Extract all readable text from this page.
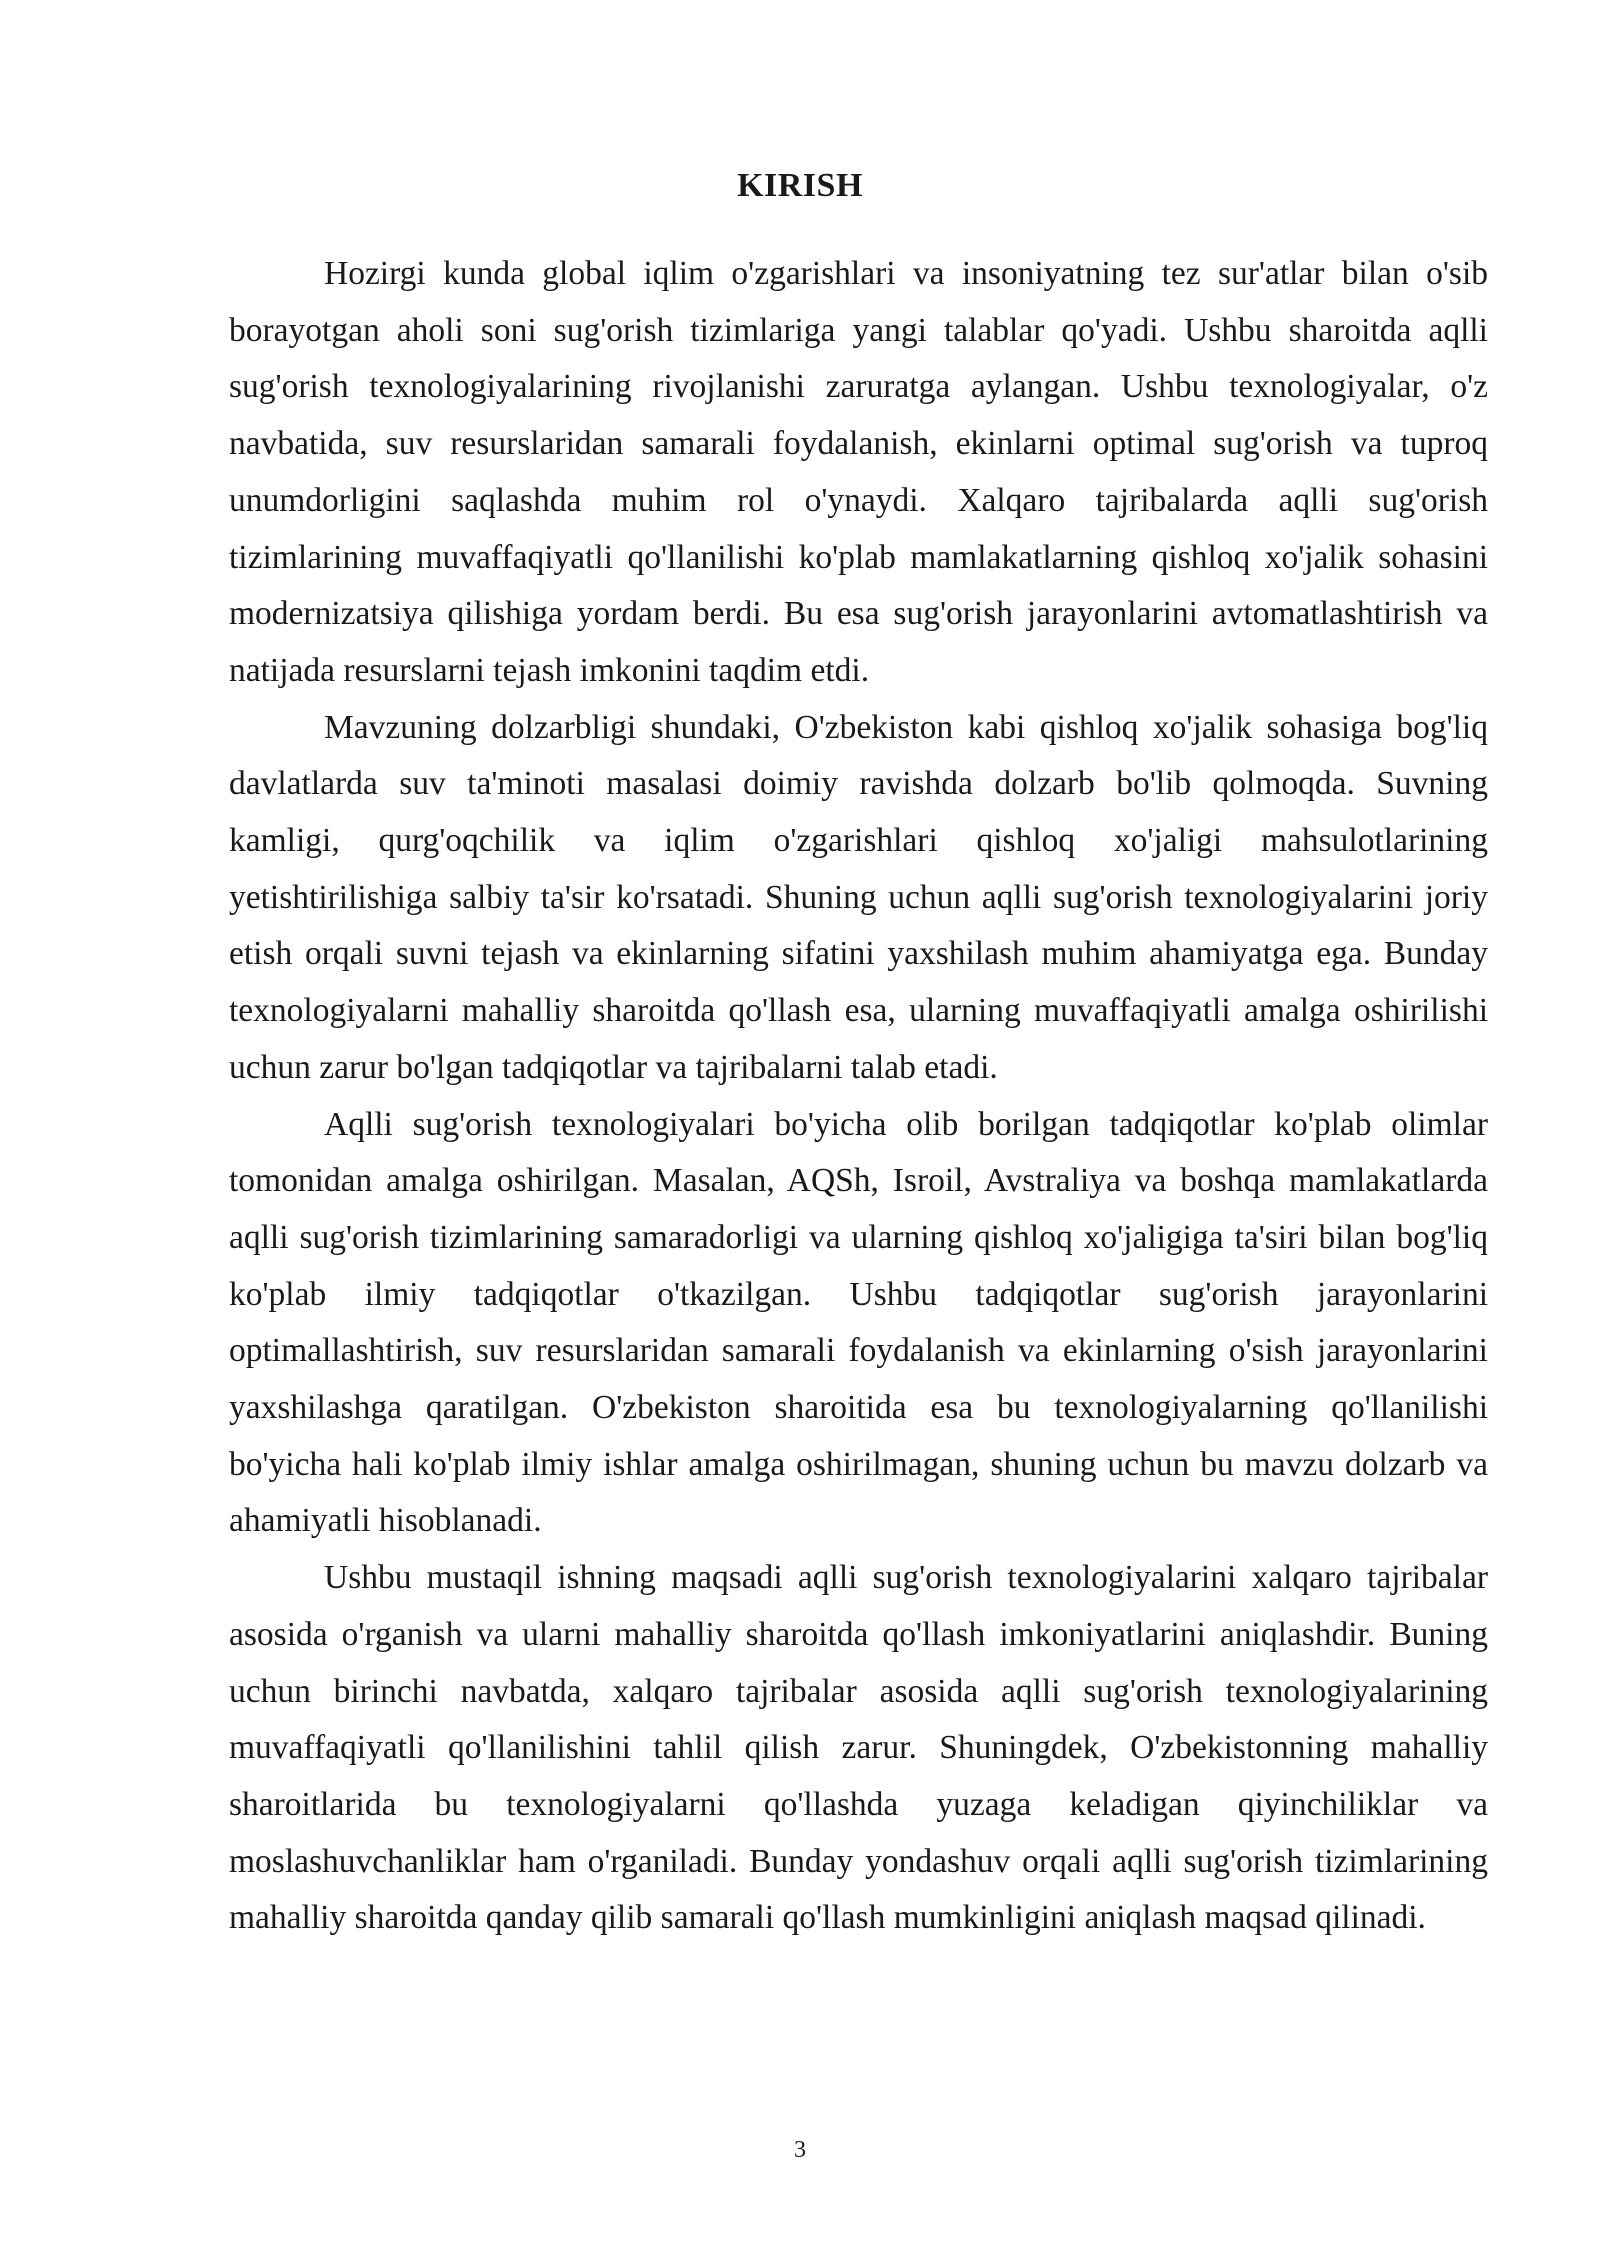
KIRISH

Hozirgi kunda global iqlim o'zgarishlari va insoniyatning tez sur'atlar bilan o'sib borayotgan aholi soni sug'orish tizimlariga yangi talablar qo'yadi. Ushbu sharoitda aqlli sug'orish texnologiyalarining rivojlanishi zaruratga aylangan. Ushbu texnologiyalar, o'z navbatida, suv resurslaridan samarali foydalanish, ekinlarni optimal sug'orish va tuproq unumdorligini saqlashda muhim rol o'ynaydi. Xalqaro tajribalarda aqlli sug'orish tizimlarining muvaffaqiyatli qo'llanilishi ko'plab mamlakatlarning qishloq xo'jalik sohasini modernizatsiya qilishiga yordam berdi. Bu esa sug'orish jarayonlarini avtomatlashtirish va natijada resurslarni tejash imkonini taqdim etdi.

Mavzuning dolzarbligi shundaki, O'zbekiston kabi qishloq xo'jalik sohasiga bog'liq davlatlarda suv ta'minoti masalasi doimiy ravishda dolzarb bo'lib qolmoqda. Suvning kamligi, qurg'oqchilik va iqlim o'zgarishlari qishloq xo'jaligi mahsulotlarining yetishtirilishiga salbiy ta'sir ko'rsatadi. Shuning uchun aqlli sug'orish texnologiyalarini joriy etish orqali suvni tejash va ekinlarning sifatini yaxshilash muhim ahamiyatga ega. Bunday texnologiyalarni mahalliy sharoitda qo'llash esa, ularning muvaffaqiyatli amalga oshirilishi uchun zarur bo'lgan tadqiqotlar va tajribalarni talab etadi.

Aqlli sug'orish texnologiyalari bo'yicha olib borilgan tadqiqotlar ko'plab olimlar tomonidan amalga oshirilgan. Masalan, AQSh, Isroil, Avstraliya va boshqa mamlakatlarda aqlli sug'orish tizimlarining samaradorligi va ularning qishloq xo'jaligiga ta'siri bilan bog'liq ko'plab ilmiy tadqiqotlar o'tkazilgan. Ushbu tadqiqotlar sug'orish jarayonlarini optimallashtirish, suv resurslaridan samarali foydalanish va ekinlarning o'sish jarayonlarini yaxshilashga qaratilgan. O'zbekiston sharoitida esa bu texnologiyalarning qo'llanilishi bo'yicha hali ko'plab ilmiy ishlar amalga oshirilmagan, shuning uchun bu mavzu dolzarb va ahamiyatli hisoblanadi.

Ushbu mustaqil ishning maqsadi aqlli sug'orish texnologiyalarini xalqaro tajribalar asosida o'rganish va ularni mahalliy sharoitda qo'llash imkoniyatlarini aniqlashdir. Buning uchun birinchi navbatda, xalqaro tajribalar asosida aqlli sug'orish texnologiyalarining muvaffaqiyatli qo'llanilishini tahlil qilish zarur. Shuningdek, O'zbekistonning mahalliy sharoitlarida bu texnologiyalarni qo'llashda yuzaga keladigan qiyinchiliklar va moslashuvchanliklar ham o'rganiladi. Bunday yondashuv orqali aqlli sug'orish tizimlarining mahalliy sharoitda qanday qilib samarali qo'llash mumkinligini aniqlash maqsad qilinadi.

3
